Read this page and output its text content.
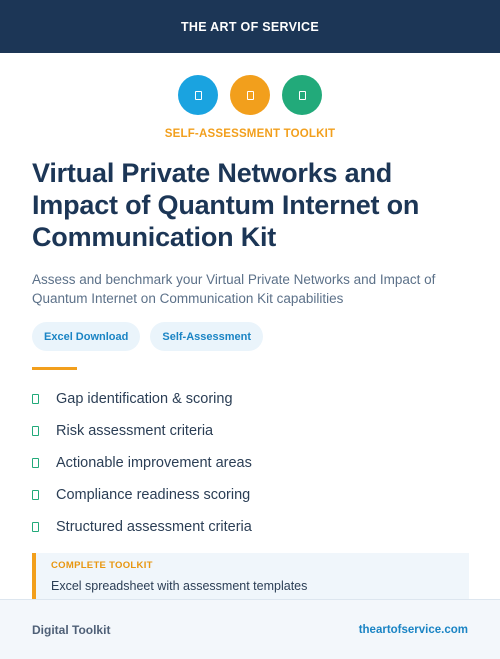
THE ART OF SERVICE
SELF-ASSESSMENT TOOLKIT
Virtual Private Networks and Impact of Quantum Internet on Communication Kit

Assess and benchmark your Virtual Private Networks and Impact of Quantum Internet on Communication Kit capabilities

Excel Download	Self-Assessment
Gap identification & scoring
Risk assessment criteria
Actionable improvement areas
Compliance readiness scoring
Structured assessment criteria
COMPLETE TOOLKIT
Excel spreadsheet with assessment templates
Digital Toolkit	theartofservice.com
